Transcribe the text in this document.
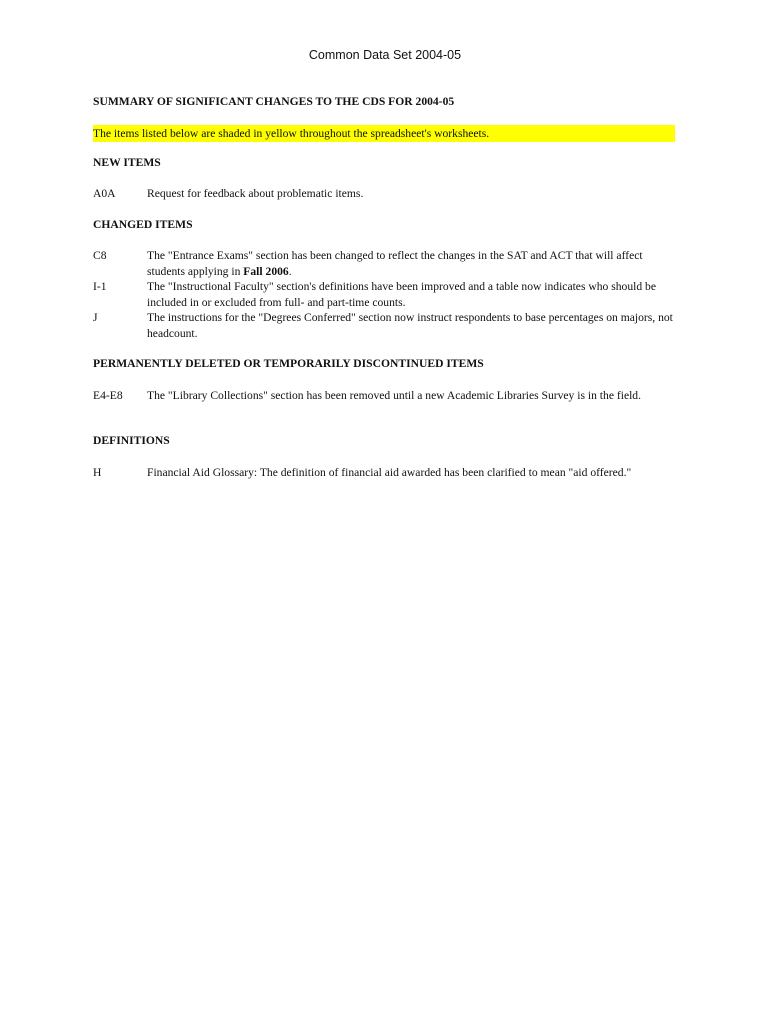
Common Data Set 2004-05
SUMMARY OF SIGNIFICANT CHANGES TO THE CDS FOR 2004-05
The items listed below are shaded in yellow throughout the spreadsheet's worksheets.
NEW ITEMS
A0A	Request for feedback about problematic items.
CHANGED ITEMS
C8	The "Entrance Exams" section has been changed to reflect the changes in the SAT and ACT that will affect students applying in Fall 2006.
I-1	The "Instructional Faculty" section's definitions have been improved and a table now indicates who should be included in or excluded from full- and part-time counts.
J	The instructions for the "Degrees Conferred" section now instruct respondents to base percentages on majors, not headcount.
PERMANENTLY DELETED OR TEMPORARILY DISCONTINUED ITEMS
E4-E8	The "Library Collections" section has been removed until a new Academic Libraries Survey is in the field.
DEFINITIONS
H	Financial Aid Glossary: The definition of financial aid awarded has been clarified to mean "aid offered."
